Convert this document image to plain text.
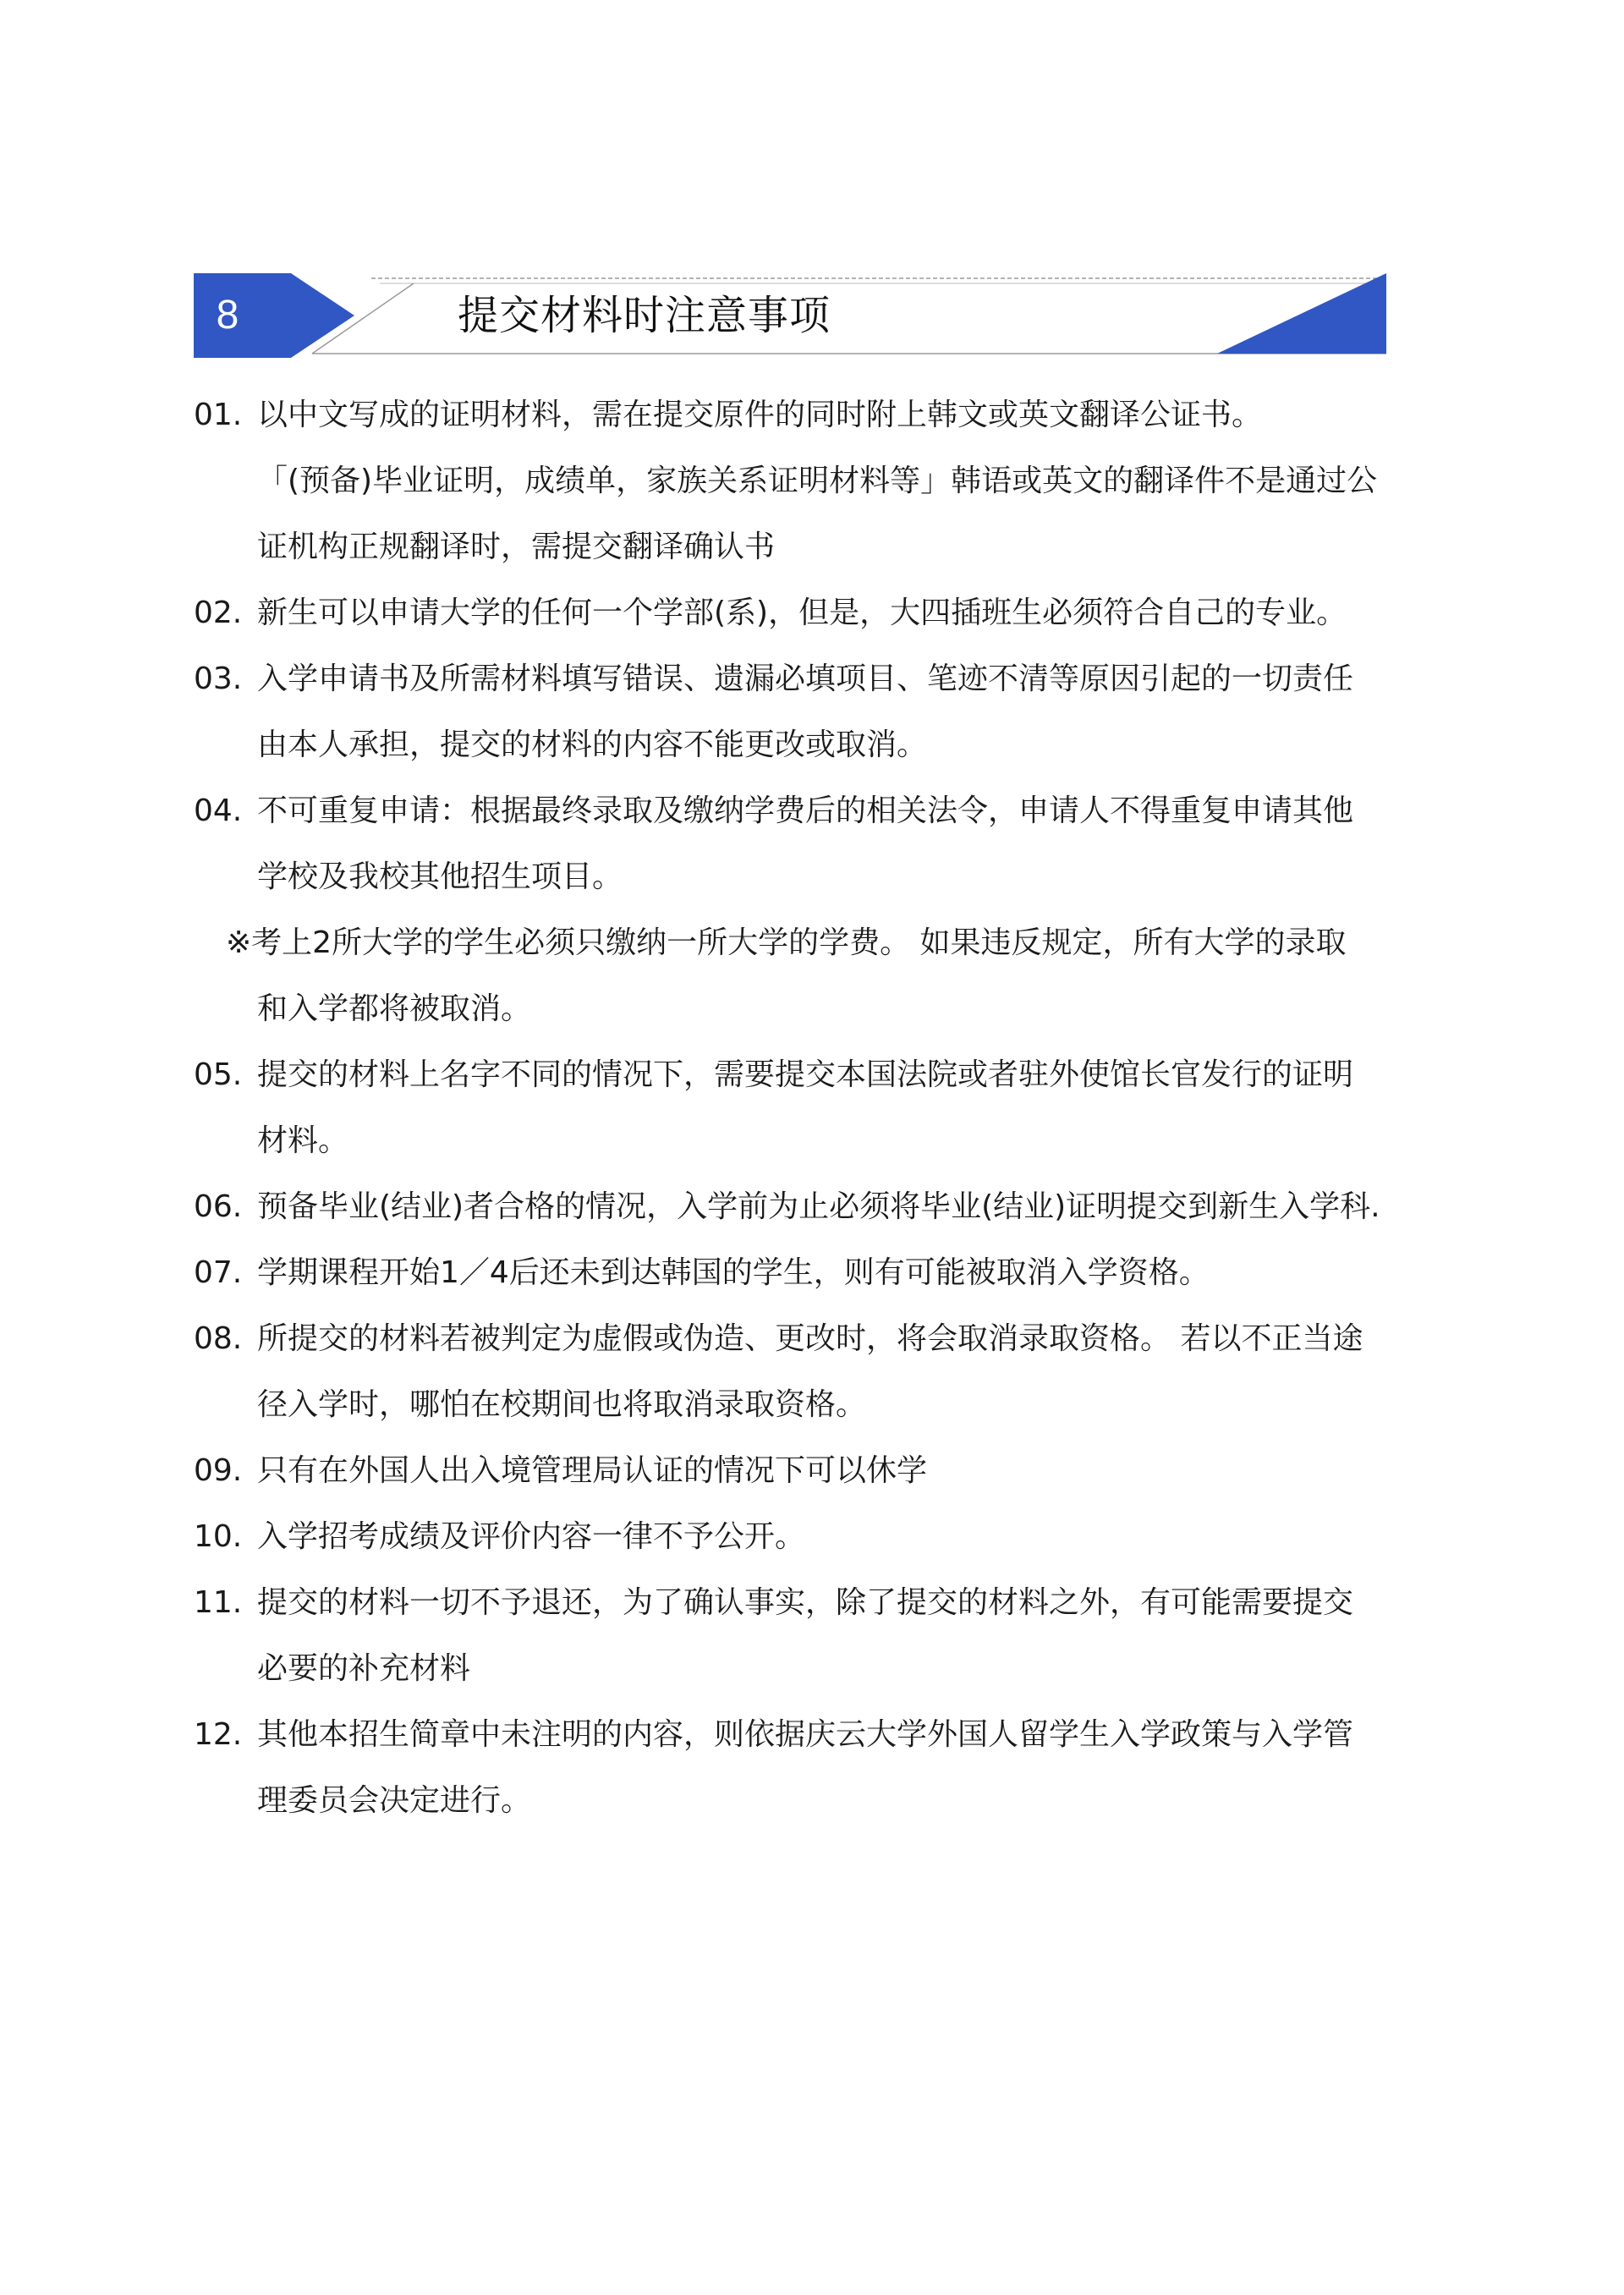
8	提交材料时注意事项
01. 以中文写成的证明材料，需在提交原件的同时附上韩文或英文翻译公证书。
「(预备)毕业证明，成绩单，家族关系证明材料等」韩语或英文的翻译件不是通过公
证机构正规翻译时，需提交翻译确认书
02. 新生可以申请大学的任何一个学部(系)，但是，大四插班生必须符合自己的专业。
03. 入学申请书及所需材料填写错误、遗漏必填项目、笔迹不清等原因引起的一切责任
由本人承担，提交的材料的内容不能更改或取消。
04. 不可重复申请：根据最终录取及缴纳学费后的相关法令，申请人不得重复申请其他
学校及我校其他招生项目。
※考上2所大学的学生必须只缴纳一所大学的学费。 如果违反规定，所有大学的录取
和入学都将被取消。
05. 提交的材料上名字不同的情况下，需要提交本国法院或者驻外使馆长官发行的证明
材料。
06. 预备毕业(结业)者合格的情况，入学前为止必须将毕业(结业)证明提交到新生入学科.
07. 学期课程开始1／4后还未到达韩国的学生，则有可能被取消入学资格。
08. 所提交的材料若被判定为虚假或伪造、更改时，将会取消录取资格。 若以不正当途
径入学时，哪怕在校期间也将取消录取资格。
09. 只有在外国人出入境管理局认证的情况下可以休学
10. 入学招考成绩及评价内容一律不予公开。
11. 提交的材料一切不予退还，为了确认事实，除了提交的材料之外，有可能需要提交
必要的补充材料
12. 其他本招生简章中未注明的内容，则依据庆云大学外国人留学生入学政策与入学管
理委员会决定进行。
